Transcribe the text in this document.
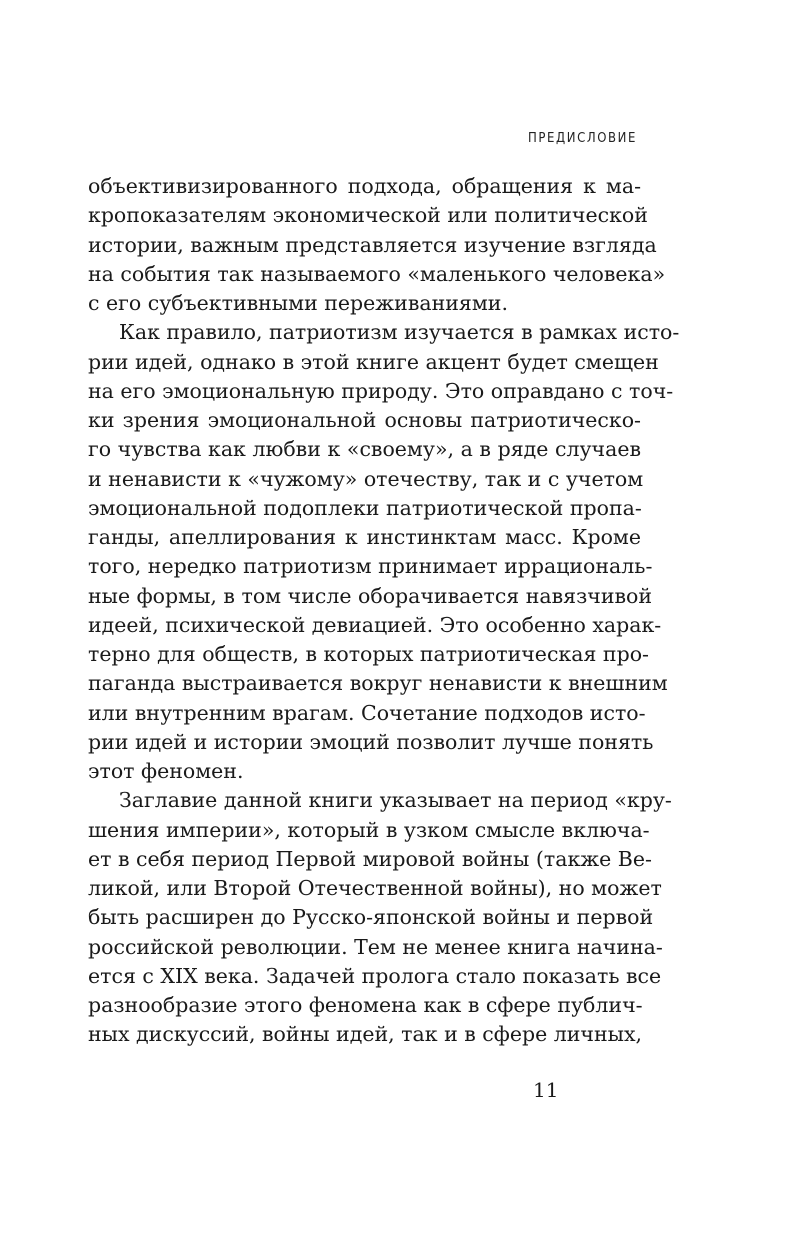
ПРЕДИСЛОВИЕ
объективизированного подхода, обращения к ма-
кропоказателям экономической или политической
истории, важным представляется изучение взгляда
на события так называемого «маленького человека»
с его субъективными переживаниями.
Как правило, патриотизм изучается в рамках исто-
рии идей, однако в этой книге акцент будет смещен
на его эмоциональную природу. Это оправдано с точ-
ки зрения эмоциональной основы патриотическо-
го чувства как любви к «своему», а в ряде случаев
и ненависти к «чужому» отечеству, так и с учетом
эмоциональной подоплеки патриотической пропа-
ганды, апеллирования к инстинктам масс. Кроме
того, нередко патриотизм принимает иррациональ-
ные формы, в том числе оборачивается навязчивой
идеей, психической девиацией. Это особенно харак-
терно для обществ, в которых патриотическая про-
паганда выстраивается вокруг ненависти к внешним
или внутренним врагам. Сочетание подходов исто-
рии идей и истории эмоций позволит лучше понять
этот феномен.
Заглавие данной книги указывает на период «кру-
шения империи», который в узком смысле включа-
ет в себя период Первой мировой войны (также Ве-
ликой, или Второй Отечественной войны), но может
быть расширен до Русско-японской войны и первой
российской революции. Тем не менее книга начина-
ется с XIX века. Задачей пролога стало показать все
разнообразие этого феномена как в сфере публич-
ных дискуссий, войны идей, так и в сфере личных,
11
